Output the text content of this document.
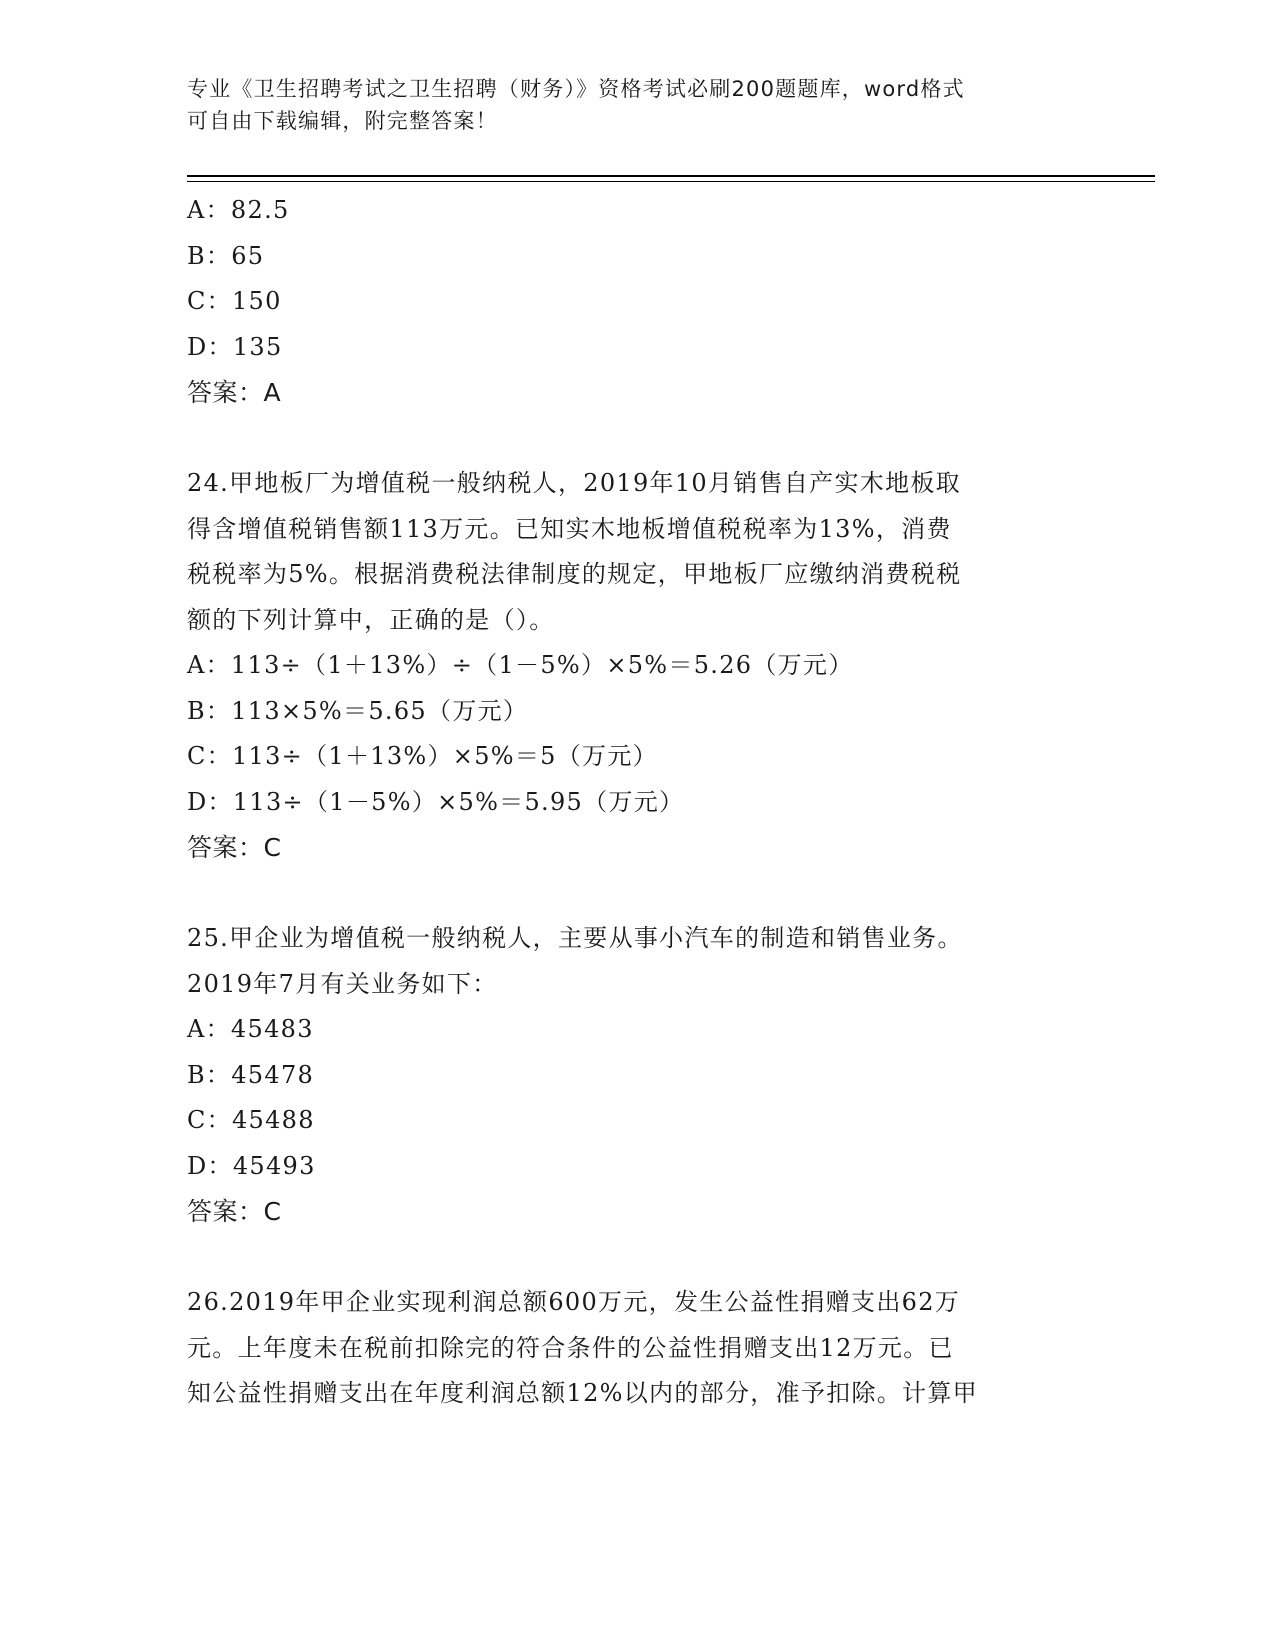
专业《卫生招聘考试之卫生招聘（财务）》资格考试必刷200题题库，word格式
可自由下载编辑，附完整答案！

A：82.5

B：65

C：150

D：135

答案：A

24.甲地板厂为增值税一般纳税人，2019年10月销售自产实木地板取

得含增值税销售额113万元。已知实木地板增值税税率为13%，消费

税税率为5%。根据消费税法律制度的规定，甲地板厂应缴纳消费税税

额的下列计算中，正确的是（）。

A：113÷（1＋13%）÷（1－5%）×5%＝5.26（万元）

B：113×5%＝5.65（万元）

C：113÷（1＋13%）×5%＝5（万元）

D：113÷（1－5%）×5%＝5.95（万元）

答案：C

25.甲企业为增值税一般纳税人，主要从事小汽车的制造和销售业务。

2019年7月有关业务如下：

A：45483

B：45478

C：45488

D：45493

答案：C

26.2019年甲企业实现利润总额600万元，发生公益性捐赠支出62万

元。上年度未在税前扣除完的符合条件的公益性捐赠支出12万元。已

知公益性捐赠支出在年度利润总额12%以内的部分，准予扣除。计算甲
